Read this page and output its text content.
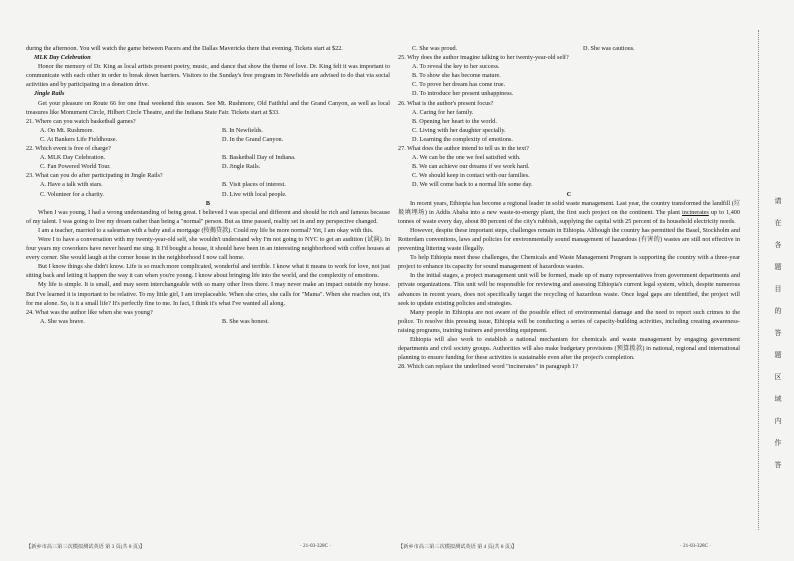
during the afternoon. You will watch the game between Pacers and the Dallas Mavericks there that evening. Tickets start at $22.

MLK Day Celebration

Honor the memory of Dr. King as local artists present poetry, music, and dance that show the theme of love. Dr. King felt it was important to communicate with each other in order to break down barriers. Visitors to the Sunday's free program in Newfields are advised to do that via social activities and by participating in a donation drive.

Jingle Rails

Get your pleasure on Route 66 for one final weekend this season. See Mt. Rushmore, Old Faithful and the Grand Canyon, as well as local treasures like Monument Circle, Hilbert Circle Theatre, and the Indiana State Fair. Tickets start at $33.

21. Where can you watch basketball games?

A. On Mt. Rushmore.	B. In Newfields.
C. At Bankers Life Fieldhouse.	D. In the Grand Canyon.

22. Which event is free of charge?

A. MLK Day Celebration.	B. Basketball Day of Indiana.
C. Fan Powered World Tour.	D. Jingle Rails.

23. What can you do after participating in Jingle Rails?

A. Have a talk with stars.	B. Visit places of interest.
C. Volunteer for a charity.	D. Live with local people.

B

When I was young, I had a wrong understanding of being great. I believed I was special and different and should be rich and famous because of my talent. I was going to live my dream rather than being a "normal" person. But as time passed, reality set in and my perspective changed.

I am a teacher, married to a salesman with a baby and a mortgage (按揭贷款). Could my life be more normal? Yet, I am okay with this.

Were I to have a conversation with my twenty-year-old self, she wouldn't understand why I'm not going to NYC to get an audition (试演). In four years my coworkers have never heard me sing. It I'd bought a house, it should have been in an interesting neighborhood with coffee houses at every corner. She would laugh at the corner house in the neighborhood I now call home.

But I know things she didn't know. Life is so much more complicated, wonderful and terrible. I know what it means to work for love, not just sitting back and letting it happen the way it can when you're young. I know about bringing life into the world, and the complexity of emotions.

My life is simple. It is small, and may seem interchangeable with so many other lives there. I may never make an impact outside my house. But I've learned it is important to be relative. To my little girl, I am irreplaceable. When she cries, she calls for "Mama". When she reaches out, it's for me alone. So, is it a small life? It's perfectly fine to me. In fact, I think it's what I've wanted all along.

24. What was the author like when she was young?

A. She was brave.	B. She was honest.
C. She was proud.	D. She was cautious.

25. Why does the author imagine talking to her twenty-year-old self?

A. To reveal the key to her success.

B. To show she has become mature.

C. To prove her dream has come true.

D. To introduce her present unhappiness.

26. What is the author's present focus?

A. Caring for her family.

B. Opening her heart to the world.

C. Living with her daughter specially.

D. Learning the complexity of emotions.

27. What does the author intend to tell us in the text?

A. We can be the one we feel satisfied with.

B. We can achieve our dreams if we work hard.

C. We should keep in contact with our families.

D. We will come back to a normal life some day.

C

In recent years, Ethiopia has become a regional leader in solid waste management. Last year, the country transformed the landfill (垃圾填埋场) in Addis Ababa into a new waste-to-energy plant, the first such project on the continent. The plant incinerates up to 1,400 tonnes of waste every day, about 80 percent of the city's rubbish, supplying the capital with 25 percent of its household electricity needs.

However, despite these important steps, challenges remain in Ethiopia. Although the country has permitted the Basel, Stockholm and Rotterdam conventions, laws and policies for environmentally sound management of hazardous (有害的) wastes are still not effective in preventing littering waste illegally.

To help Ethiopia meet these challenges, the Chemicals and Waste Management Program is supporting the country with a three-year project to enhance its capacity for sound management of hazardous wastes.

In the initial stages, a project management unit will be formed, made up of many representatives from government departments and private organizations. This unit will be responsible for reviewing and assessing Ethiopia's current legal system, which, despite numerous advances in recent years, does not specifically target the recycling of hazardous waste. Once legal gaps are identified, the project will seek to update existing policies and strategies.

Many people in Ethiopia are not aware of the possible effect of environmental damage and the need to report such crimes to the police. To resolve this pressing issue, Ethiopia will be conducting a series of capacity-building activities, including creating awareness-raising programs, training trainers and providing equipment.

Ethiopia will also work to establish a national mechanism for chemicals and waste management by engaging government departments and civil society groups. Authorities will also make budgetary provisions (预算拨款) in national, regional and international planning to ensure funding for these activities is sustainable even after the project's completion.

28. Which can replace the underlined word "incinerates" in paragraph 1?

请
在
各
题
目
的
答
题
区
域
内
作
答
【新乡市高三第三次模拟测试英语 第 3 页(共 8 页)】	· 21-03-328C ·	【新乡市高三第三次模拟测试英语 第 4 页(共 8 页)】	· 21-03-328C ·
